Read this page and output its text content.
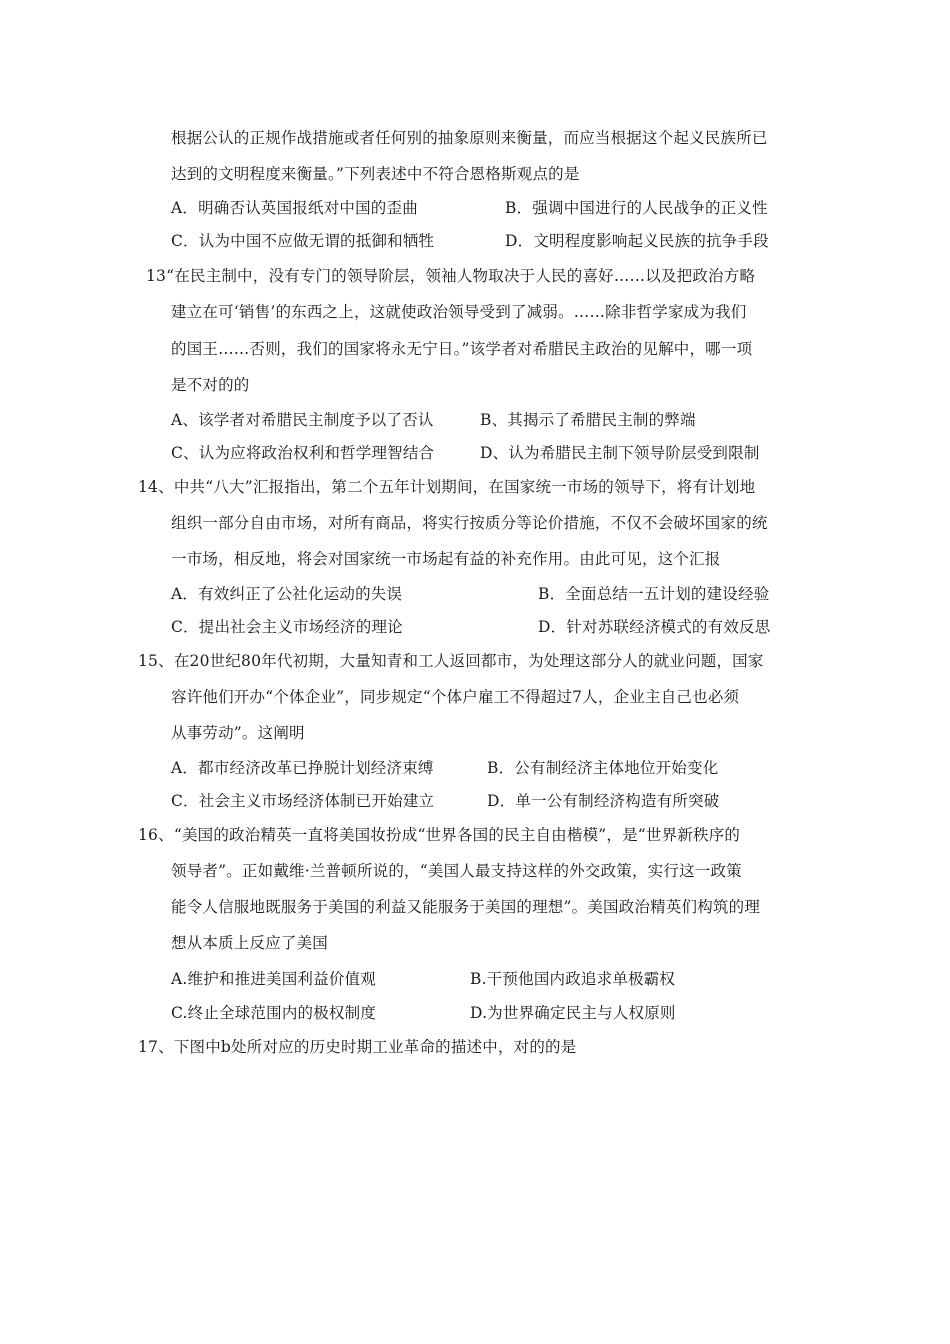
根据公认的正规作战措施或者任何别的抽象原则来衡量，而应当根据这个起义民族所已
达到的文明程度来衡量。”下列表述中不符合恩格斯观点的是
A．明确否认英国报纸对中国的歪曲	B．强调中国进行的人民战争的正义性
C．认为中国不应做无谓的抵御和牺牲	D．文明程度影响起义民族的抗争手段
13“在民主制中，没有专门的领导阶层，领袖人物取决于人民的喜好……以及把政治方略
建立在可‘销售’的东西之上，这就使政治领导受到了减弱。……除非哲学家成为我们
的国王……否则，我们的国家将永无宁日。”该学者对希腊民主政治的见解中，哪一项
是不对的的
A、该学者对希腊民主制度予以了否认	B、其揭示了希腊民主制的弊端
C、认为应将政治权利和哲学理智结合	D、认为希腊民主制下领导阶层受到限制
14、中共“八大”汇报指出，第二个五年计划期间，在国家统一市场的领导下，将有计划地
组织一部分自由市场，对所有商品，将实行按质分等论价措施，不仅不会破坏国家的统
一市场，相反地，将会对国家统一市场起有益的补充作用。由此可见，这个汇报
A．有效纠正了公社化运动的失误	B．全面总结一五计划的建设经验
C．提出社会主义市场经济的理论	D．针对苏联经济模式的有效反思
15、在20世纪80年代初期，大量知青和工人返回都市，为处理这部分人的就业问题，国家
容许他们开办“个体企业”，同步规定“个体户雇工不得超过7人，企业主自己也必须
从事劳动”。这阐明
A．都市经济改革已挣脱计划经济束缚	B．公有制经济主体地位开始变化
C．社会主义市场经济体制已开始建立	D．单一公有制经济构造有所突破
16、“美国的政治精英一直将美国妆扮成“世界各国的民主自由楷模”，是“世界新秩序的
领导者”。正如戴维·兰普顿所说的，“美国人最支持这样的外交政策，实行这一政策
能令人信服地既服务于美国的利益又能服务于美国的理想”。美国政治精英们构筑的理
想从本质上反应了美国
A.维护和推进美国利益价值观	B.干预他国内政追求单极霸权
C.终止全球范围内的极权制度	D.为世界确定民主与人权原则
17、下图中b处所对应的历史时期工业革命的描述中，对的的是
